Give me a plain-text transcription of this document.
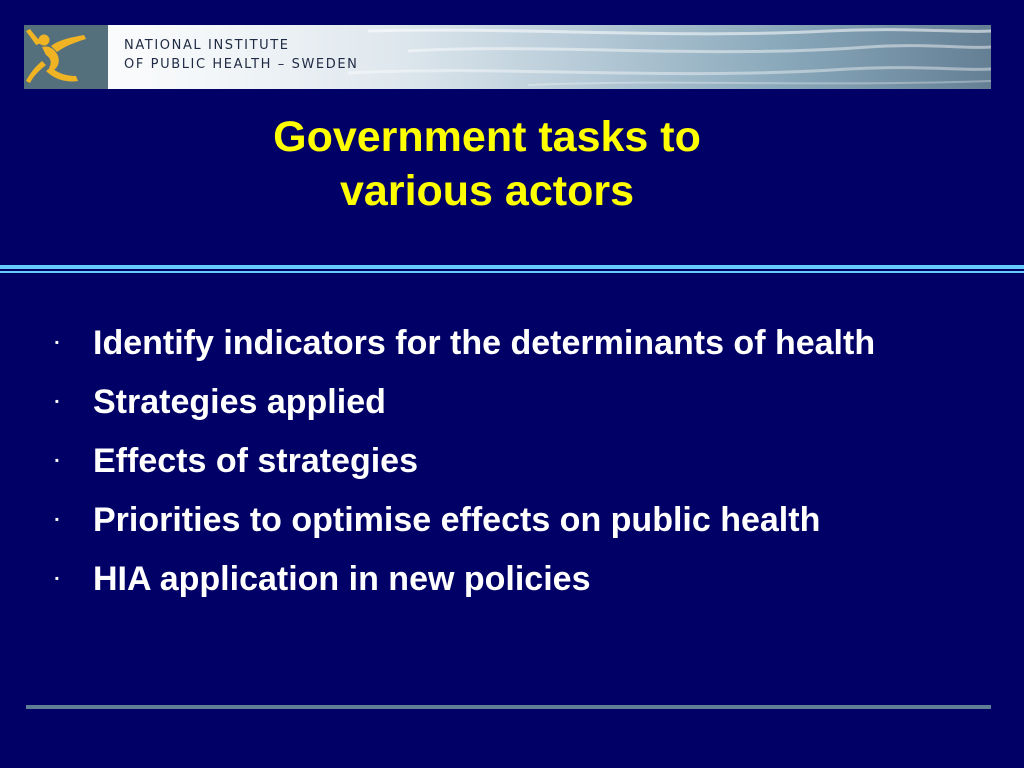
NATIONAL INSTITUTE
OF PUBLIC HEALTH – SWEDEN
Government tasks to
various actors
∙ Identify indicators for the determinants of health
∙ Strategies applied
∙ Effects of strategies
∙ Priorities to optimise effects on public health
∙ HIA application in new policies
